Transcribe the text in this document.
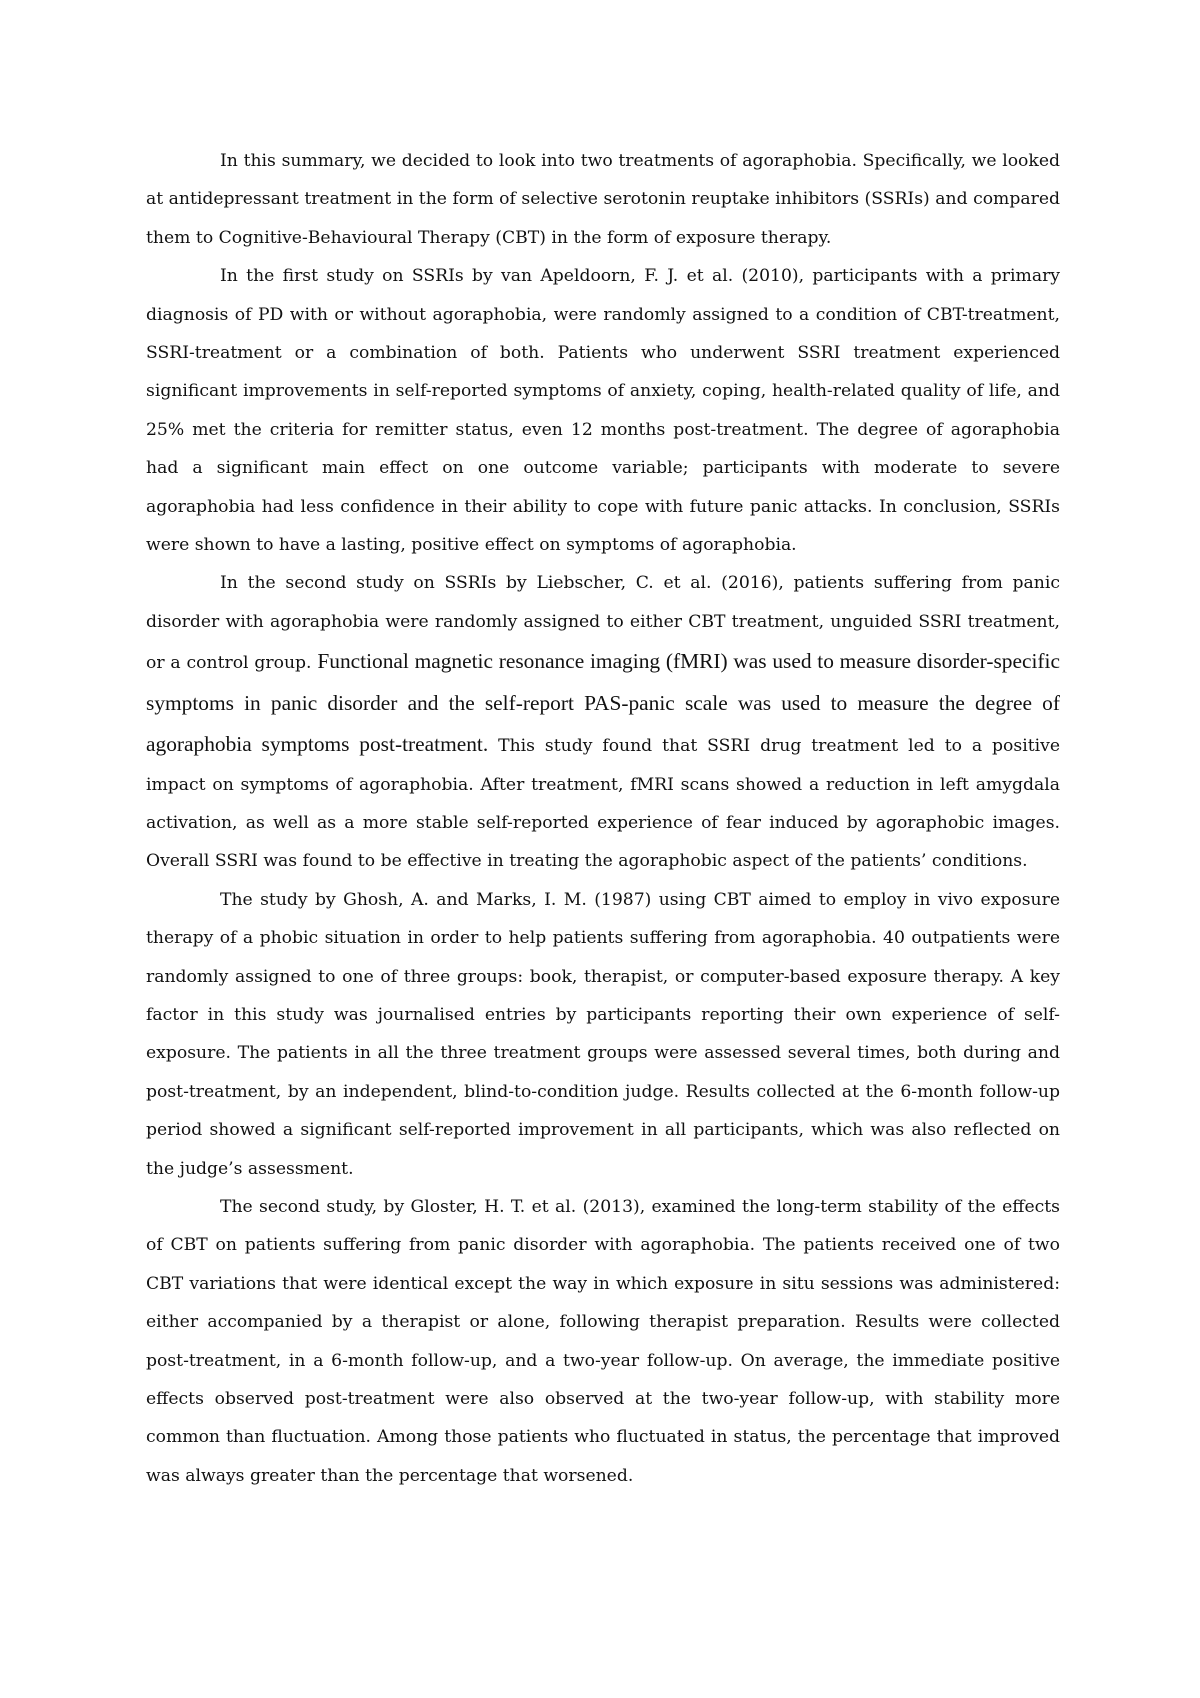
In this summary, we decided to look into two treatments of agoraphobia. Specifically, we looked at antidepressant treatment in the form of selective serotonin reuptake inhibitors (SSRIs) and compared them to Cognitive-Behavioural Therapy (CBT) in the form of exposure therapy.

In the first study on SSRIs by van Apeldoorn, F. J. et al. (2010), participants with a primary diagnosis of PD with or without agoraphobia, were randomly assigned to a condition of CBT-treatment, SSRI-treatment or a combination of both. Patients who underwent SSRI treatment experienced significant improvements in self-reported symptoms of anxiety, coping, health-related quality of life, and 25% met the criteria for remitter status, even 12 months post-treatment. The degree of agoraphobia had a significant main effect on one outcome variable; participants with moderate to severe agoraphobia had less confidence in their ability to cope with future panic attacks. In conclusion, SSRIs were shown to have a lasting, positive effect on symptoms of agoraphobia.

In the second study on SSRIs by Liebscher, C. et al. (2016), patients suffering from panic disorder with agoraphobia were randomly assigned to either CBT treatment, unguided SSRI treatment, or a control group. Functional magnetic resonance imaging (fMRI) was used to measure disorder-specific symptoms in panic disorder and the self-report PAS-panic scale was used to measure the degree of agoraphobia symptoms post-treatment. This study found that SSRI drug treatment led to a positive impact on symptoms of agoraphobia. After treatment, fMRI scans showed a reduction in left amygdala activation, as well as a more stable self-reported experience of fear induced by agoraphobic images. Overall SSRI was found to be effective in treating the agoraphobic aspect of the patients’ conditions.

The study by Ghosh, A. and Marks, I. M. (1987) using CBT aimed to employ in vivo exposure therapy of a phobic situation in order to help patients suffering from agoraphobia. 40 outpatients were randomly assigned to one of three groups: book, therapist, or computer-based exposure therapy. A key factor in this study was journalised entries by participants reporting their own experience of self-exposure. The patients in all the three treatment groups were assessed several times, both during and post-treatment, by an independent, blind-to-condition judge. Results collected at the 6-month follow-up period showed a significant self-reported improvement in all participants, which was also reflected on the judge’s assessment.

The second study, by Gloster, H. T. et al. (2013), examined the long-term stability of the effects of CBT on patients suffering from panic disorder with agoraphobia. The patients received one of two CBT variations that were identical except the way in which exposure in situ sessions was administered: either accompanied by a therapist or alone, following therapist preparation. Results were collected post-treatment, in a 6-month follow-up, and a two-year follow-up. On average, the immediate positive effects observed post-treatment were also observed at the two-year follow-up, with stability more common than fluctuation. Among those patients who fluctuated in status, the percentage that improved was always greater than the percentage that worsened.
